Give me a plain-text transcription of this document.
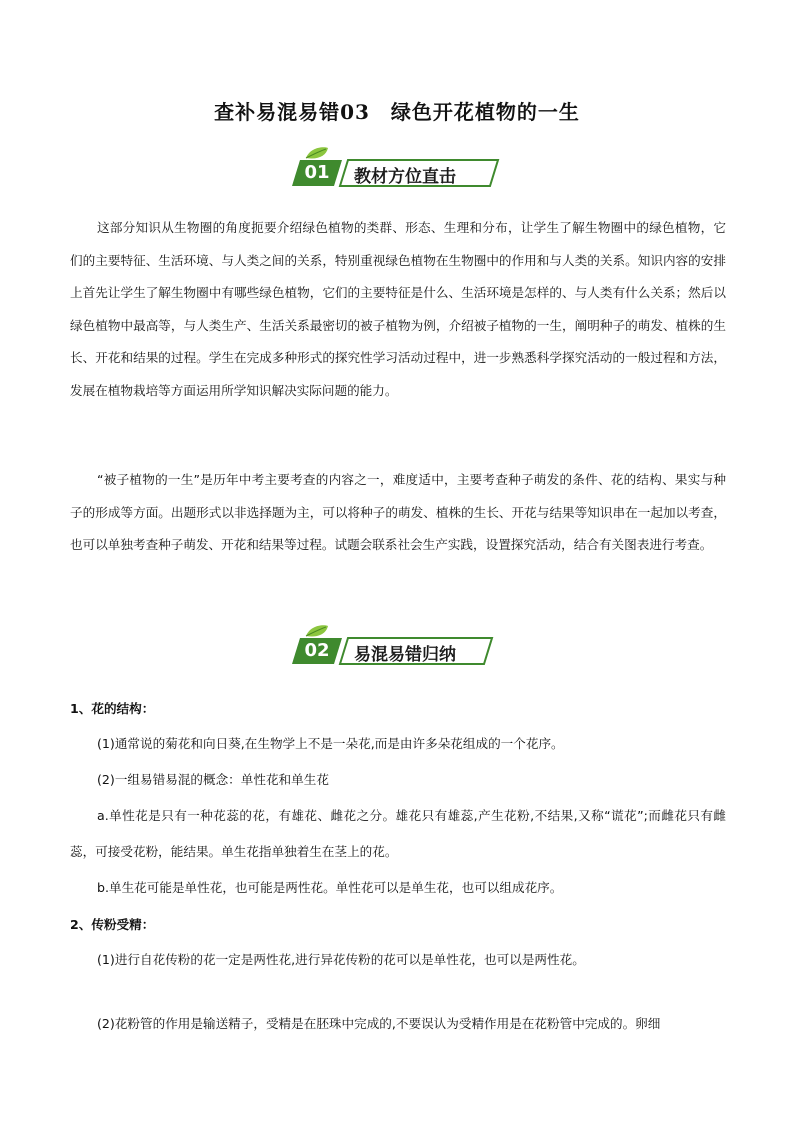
查补易混易错03　绿色开花植物的一生
01	教材方位直击

这部分知识从生物圈的角度扼要介绍绿色植物的类群、形态、生理和分布，让学生了解生物圈中的绿色植物，它们的主要特征、生活环境、与人类之间的关系，特别重视绿色植物在生物圈中的作用和与人类的关系。知识内容的安排上首先让学生了解生物圈中有哪些绿色植物，它们的主要特征是什么、生活环境是怎样的、与人类有什么关系；然后以绿色植物中最高等，与人类生产、生活关系最密切的被子植物为例，介绍被子植物的一生，阐明种子的萌发、植株的生长、开花和结果的过程。学生在完成多种形式的探究性学习活动过程中，进一步熟悉科学探究活动的一般过程和方法，发展在植物栽培等方面运用所学知识解决实际问题的能力。

“被子植物的一生”是历年中考主要考查的内容之一，难度适中，主要考查种子萌发的条件、花的结构、果实与种子的形成等方面。出题形式以非选择题为主，可以将种子的萌发、植株的生长、开花与结果等知识串在一起加以考查，也可以单独考查种子萌发、开花和结果等过程。试题会联系社会生产实践，设置探究活动，结合有关图表进行考查。

02	易混易错归纳
1、花的结构：

(1)通常说的菊花和向日葵,在生物学上不是一朵花,而是由许多朵花组成的一个花序。

(2)一组易错易混的概念：单性花和单生花

a.单性花是只有一种花蕊的花，有雄花、雌花之分。雄花只有雄蕊,产生花粉,不结果,又称“谎花”;而雌花只有雌蕊，可接受花粉，能结果。单生花指单独着生在茎上的花。

b.单生花可能是单性花，也可能是两性花。单性花可以是单生花，也可以组成花序。

2、传粉受精：

(1)进行自花传粉的花一定是两性花,进行异花传粉的花可以是单性花，也可以是两性花。

(2)花粉管的作用是输送精子，受精是在胚珠中完成的,不要误认为受精作用是在花粉管中完成的。卵细
